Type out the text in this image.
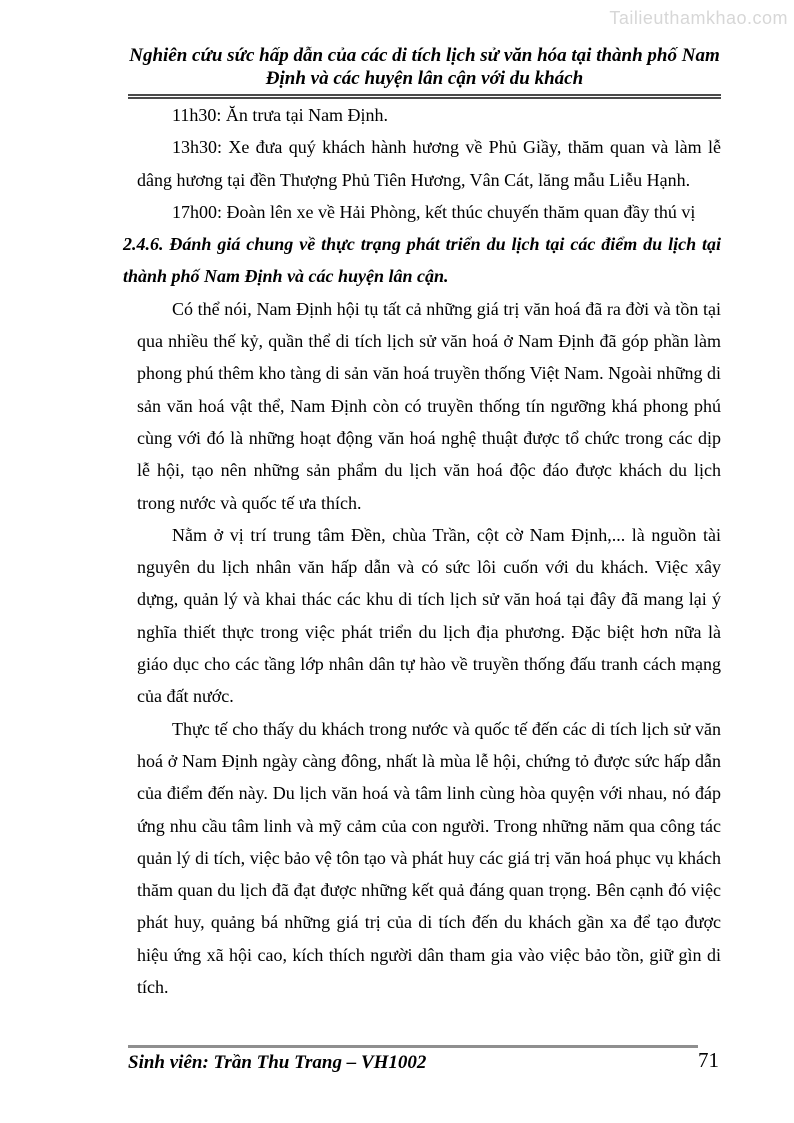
Tailieuthamkhao.com
Nghiên cứu sức hấp dẫn của các di tích lịch sử văn hóa tại thành phố Nam Định và các huyện lân cận với du khách

11h30: Ăn trưa tại Nam Định.

13h30: Xe đưa quý khách hành hương về Phủ Giầy, thăm quan và làm lễ dâng hương tại đền Thượng Phủ Tiên Hương, Vân Cát, lăng mẫu Liễu Hạnh.

17h00: Đoàn lên xe về Hải Phòng, kết thúc chuyến thăm quan đầy thú vị

2.4.6. Đánh giá chung về thực trạng phát triển du lịch tại các điểm du lịch tại thành phố Nam Định và các huyện lân cận.

Có thể nói, Nam Định hội tụ tất cả những giá trị văn hoá đã ra đời và tồn tại qua nhiều thế kỷ, quần thể di tích lịch sử văn hoá ở Nam Định đã góp phần làm phong phú thêm kho tàng di sản văn hoá truyền thống Việt Nam. Ngoài những di sản văn hoá vật thể, Nam Định còn có truyền thống tín ngưỡng khá phong phú cùng với đó là những hoạt động văn hoá nghệ thuật được tổ chức trong các dịp lễ hội, tạo nên những sản phẩm du lịch văn hoá độc đáo được khách du lịch trong nước và quốc tế ưa thích.

Nằm ở vị trí trung tâm Đền, chùa Trần, cột cờ Nam Định,... là nguồn tài nguyên du lịch nhân văn hấp dẫn và có sức lôi cuốn với du khách. Việc xây dựng, quản lý và khai thác các khu di tích lịch sử văn hoá tại đây đã mang lại ý nghĩa thiết thực trong việc phát triển du lịch địa phương. Đặc biệt hơn nữa là giáo dục cho các tầng lớp nhân dân tự hào về truyền thống đấu tranh cách mạng của đất nước.

Thực tế cho thấy du khách trong nước và quốc tế đến các di tích lịch sử văn hoá ở Nam Định ngày càng đông, nhất là mùa lễ hội, chứng tỏ được sức hấp dẫn của điểm đến này. Du lịch văn hoá và tâm linh cùng hòa quyện với nhau, nó đáp ứng nhu cầu tâm linh và mỹ cảm của con người. Trong những năm qua công tác quản lý di tích, việc bảo vệ tôn tạo và phát huy các giá trị văn hoá phục vụ khách thăm quan du lịch đã đạt được những kết quả đáng quan trọng. Bên cạnh đó việc phát huy, quảng bá những giá trị của di tích đến du khách gần xa để tạo được hiệu ứng xã hội cao, kích thích người dân tham gia vào việc bảo tồn, giữ gìn di tích.

Sinh viên: Trần Thu Trang – VH1002	71
